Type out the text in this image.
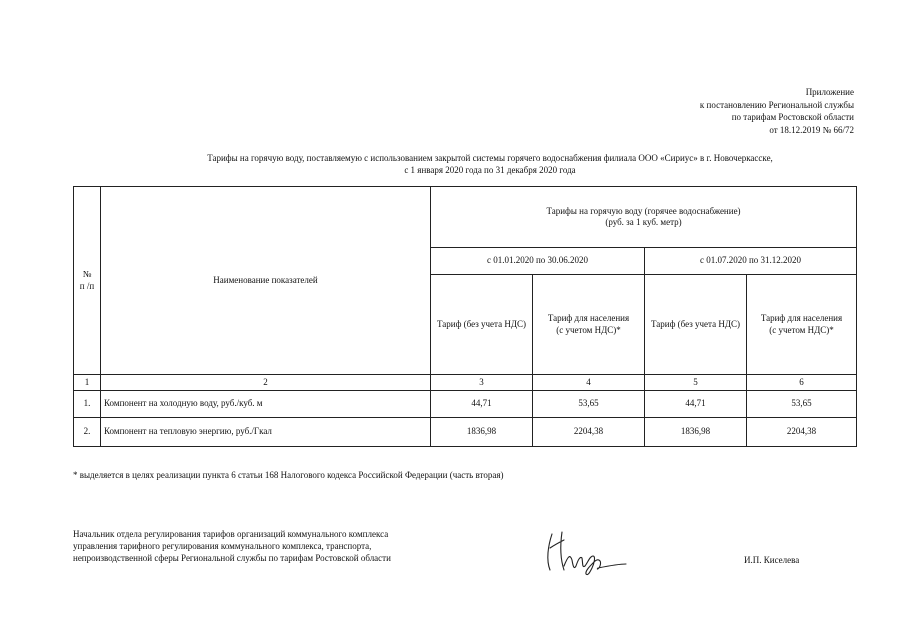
Приложение
к постановлению Региональной службы
по тарифам Ростовской области
от 18.12.2019 № 66/72
Тарифы на горячую воду, поставляемую с использованием закрытой системы горячего водоснабжения филиала ООО «Сириус» в г. Новочеркасске,
с 1 января 2020 года по 31 декабря 2020 года
№
п /п	Наименование показателей	Тарифы на горячую воду (горячее водоснабжение)
(руб. за 1 куб. метр)			
		с 01.01.2020 по 30.06.2020		с 01.07.2020 по 31.12.2020	
		Тариф (без учета НДС)	Тариф для населения
(с учетом НДС)*	Тариф (без учета НДС)	Тариф для населения
(с учетом НДС)*
1	2	3	4	5	6
1.	Компонент на холодную воду, руб./куб. м	44,71	53,65	44,71	53,65
2.	Компонент на тепловую энергию, руб./Гкал	1836,98	2204,38	1836,98	2204,38
* выделяется в целях реализации пункта 6 статьи 168 Налогового кодекса Российской Федерации (часть вторая)
Начальник отдела регулирования тарифов организаций коммунального комплекса
управления тарифного регулирования коммунального комплекса, транспорта,
непроизводственной сферы Региональной службы по тарифам Ростовской области	И.П. Киселева
